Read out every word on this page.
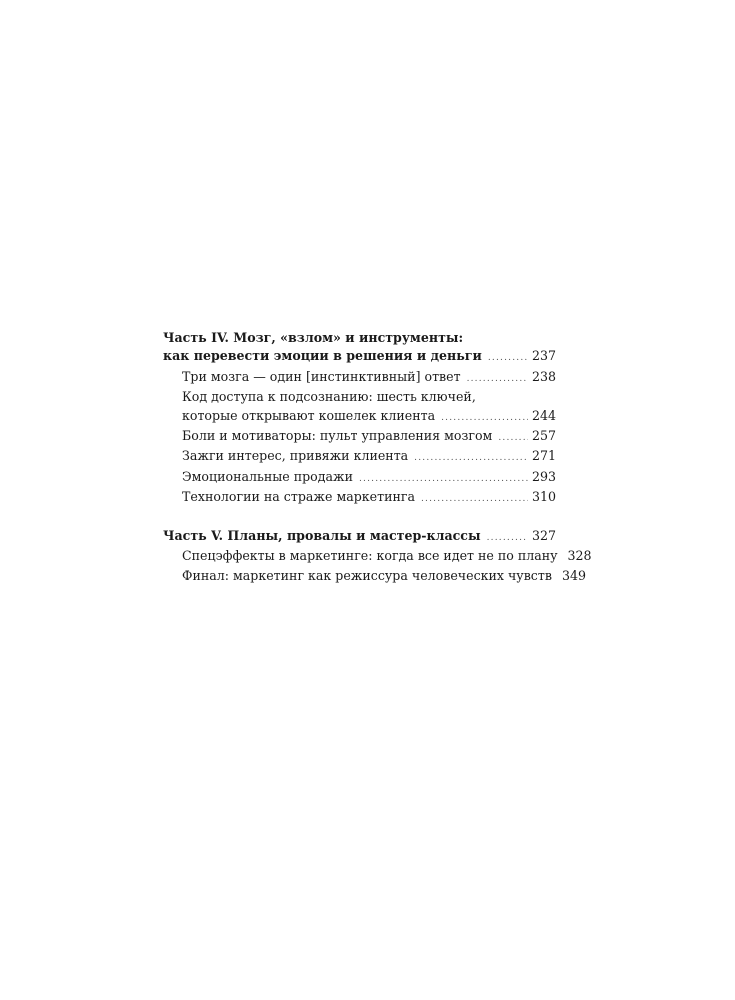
Часть IV. Мозг, «взлом» и инструменты:
как перевести эмоции в решения и деньги .....	237
Три мозга — один [инстинктивный] ответ .....	238
Код доступа к подсознанию: шесть ключей,
которые открывают кошелек клиента .....	244
Боли и мотиваторы: пульт управления мозгом .....	257
Зажги интерес, привяжи клиента .....	271
Эмоциональные продажи .....	293
Технологии на страже маркетинга .....	310
Часть V. Планы, провалы и мастер-классы .....	327
Спецэффекты в маркетинге: когда все идет не по плану 328
Финал: маркетинг как режиссура человеческих чувств 349
